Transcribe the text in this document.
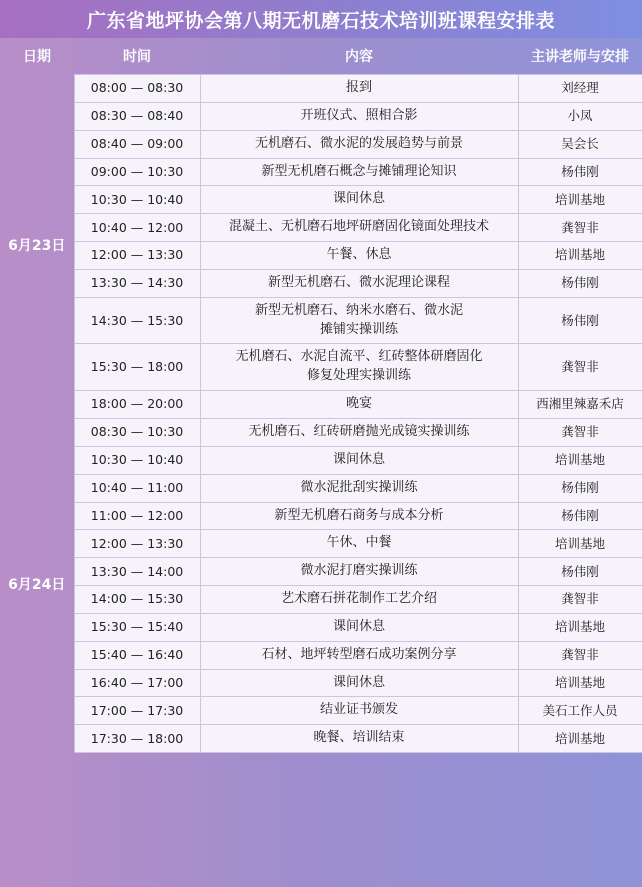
广东省地坪协会第八期无机磨石技术培训班课程安排表
日期	时间	内容	主讲老师与安排
6月23日	08:00 — 08:30	报到	刘经理
	08:30 — 08:40	开班仪式、照相合影	小凤
	08:40 — 09:00	无机磨石、微水泥的发展趋势与前景	吴会长
	09:00 — 10:30	新型无机磨石概念与摊铺理论知识	杨伟刚
	10:30 — 10:40	课间休息	培训基地
	10:40 — 12:00	混凝土、无机磨石地坪研磨固化镜面处理技术	龚智非
	12:00 — 13:30	午餐、休息	培训基地
	13:30 — 14:30	新型无机磨石、微水泥理论课程	杨伟刚
	14:30 — 15:30	新型无机磨石、纳米水磨石、微水泥
摊铺实操训练	杨伟刚
	15:30 — 18:00	无机磨石、水泥自流平、红砖整体研磨固化
修复处理实操训练	龚智非
	18:00 — 20:00	晚宴	西湘里辣嘉禾店
6月24日	08:30 — 10:30	无机磨石、红砖研磨抛光成镜实操训练	龚智非
	10:30 — 10:40	课间休息	培训基地
	10:40 — 11:00	微水泥批刮实操训练	杨伟刚
	11:00 — 12:00	新型无机磨石商务与成本分析	杨伟刚
	12:00 — 13:30	午休、中餐	培训基地
	13:30 — 14:00	微水泥打磨实操训练	杨伟刚
	14:00 — 15:30	艺术磨石拼花制作工艺介绍	龚智非
	15:30 — 15:40	课间休息	培训基地
	15:40 — 16:40	石材、地坪转型磨石成功案例分享	龚智非
	16:40 — 17:00	课间休息	培训基地
	17:00 — 17:30	结业证书颁发	美石工作人员
	17:30 — 18:00	晚餐、培训结束	培训基地
